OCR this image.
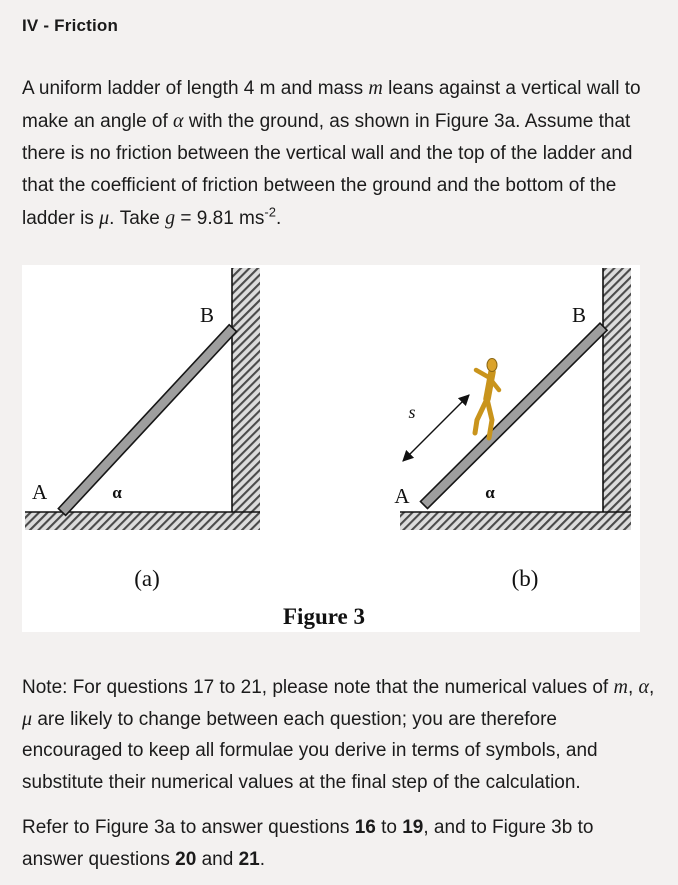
IV - Friction

A uniform ladder of length 4 m and mass m leans against a vertical wall to make an angle of α with the ground, as shown in Figure 3a. Assume that there is no friction between the vertical wall and the top of the ladder and that the coefficient of friction between the ground and the bottom of the ladder is μ. Take g = 9.81 $ms^{-2}$.

A
B
α
s
A
B
α
(a)	(b)
Figure 3

Note: For questions 17 to 21, please note that the numerical values of m, α, μ are likely to change between each question; you are therefore encouraged to keep all formulae you derive in terms of symbols, and substitute their numerical values at the final step of the calculation.

Refer to Figure 3a to answer questions 16 to 19, and to Figure 3b to answer questions 20 and 21.
